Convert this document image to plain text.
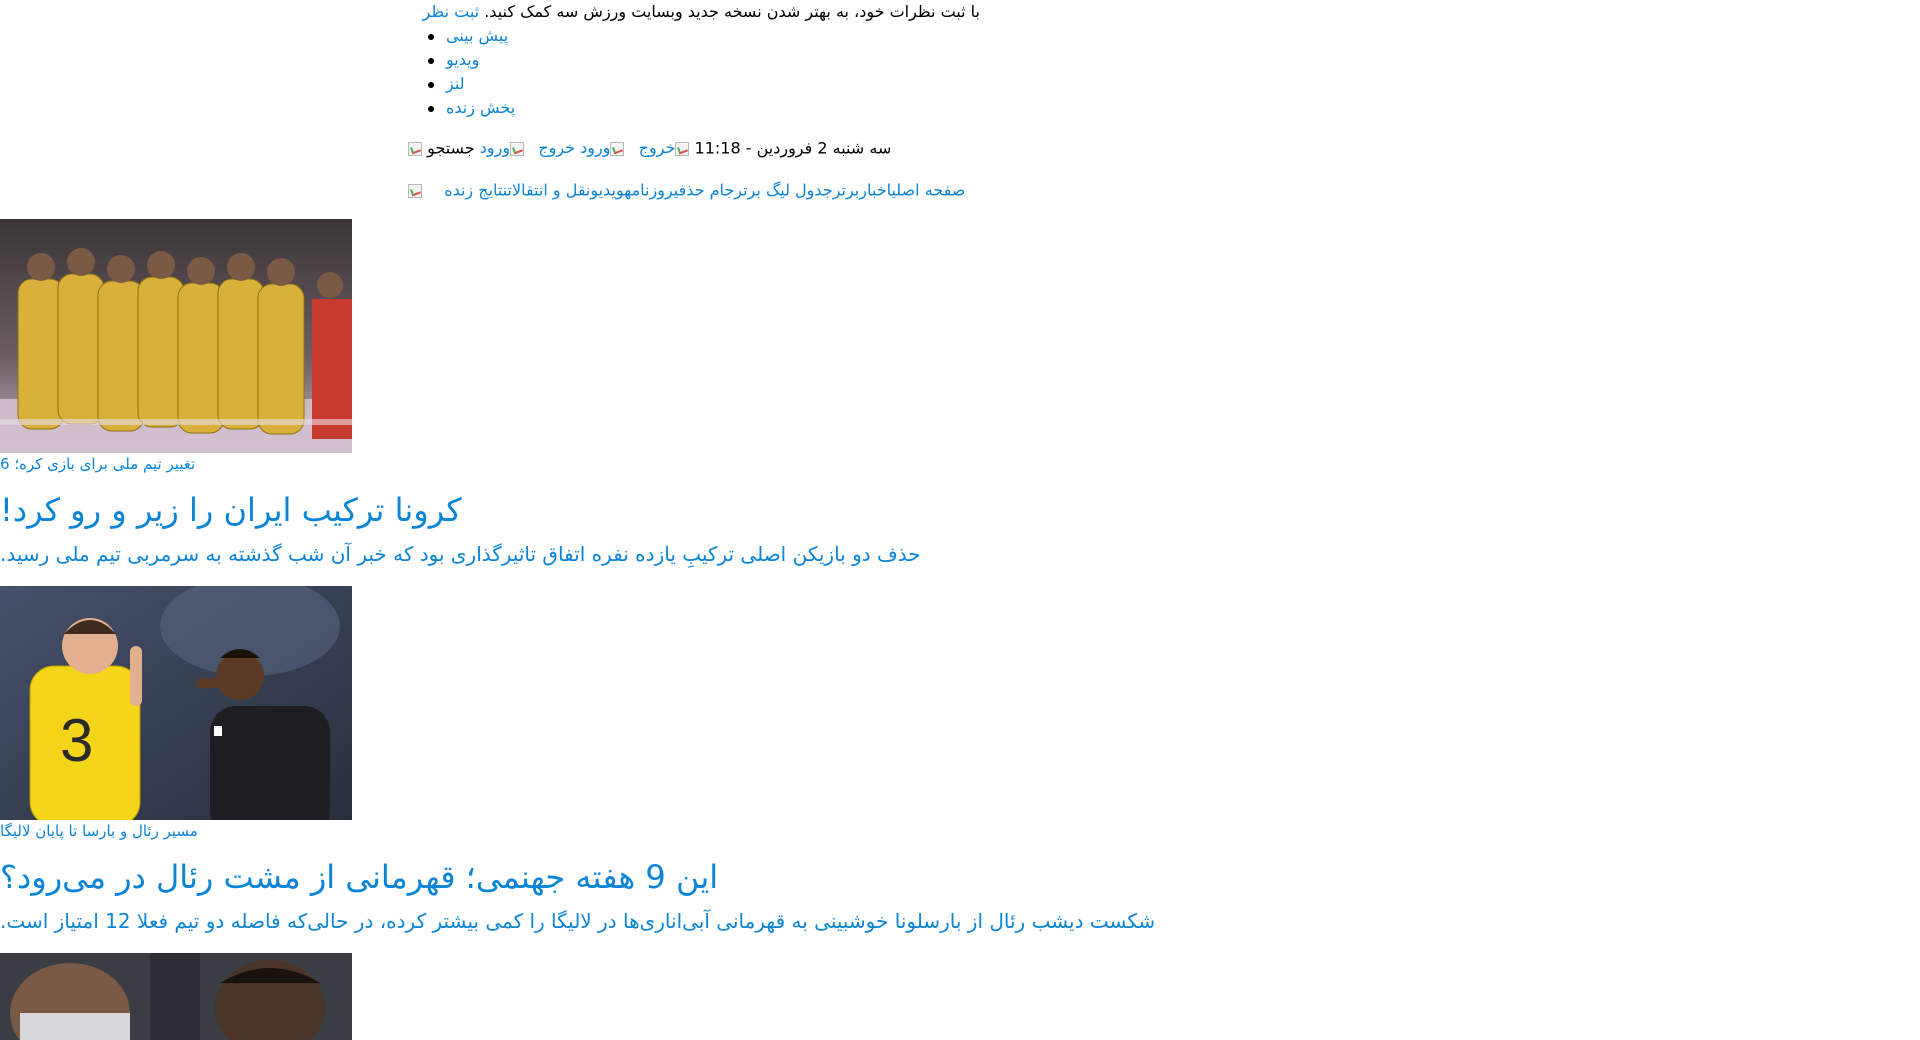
با ثبت نظرات خود، به بهتر شدن نسخه جدید وبسایت ورزش سه کمک کنید. ثبت نظر
پیش بینی
ویدیو
لنز
پخش زنده
خروج  ورود خروج  ورود جستجو	سه شنبه 2 فروردین - 11:18
صفحه اصلیاخباربرترجدول لیگ برترجام حذفیروزنامهویدیونقل و انتقالاتنتایج زنده
تغییر تیم ملی برای بازی کره؛ 6
کرونا ترکیب ایران را زیر و رو کرد!
حذف دو بازیکن اصلی ترکیبِ یازده نفره اتفاق تاثیرگذاری بود که خبر آن شب گذشته به سرمربی تیم ملی رسید.
3
مسیر رئال و بارسا تا پایان لالیگا
این 9 هفته جهنمی؛ قهرمانی از مشت رئال در می‌رود؟
شکست دیشب رئال از بارسلونا خوشبینی به قهرمانی آبی‌اناری‌ها در لالیگا را کمی بیشتر کرده، در حالی‌که فاصله دو تیم فعلا 12 امتیاز است.
